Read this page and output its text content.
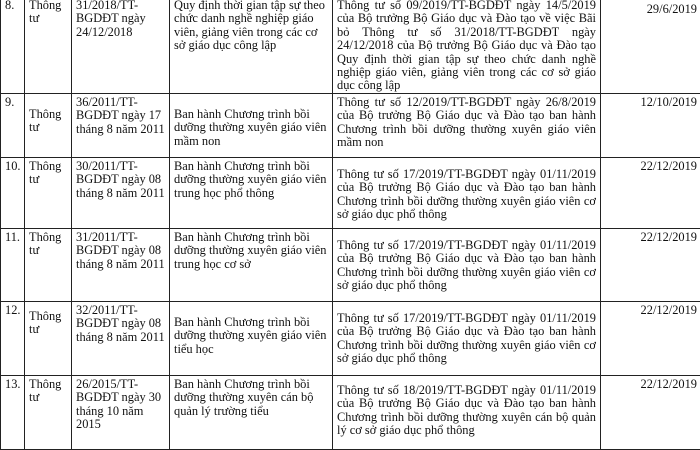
8.	Thông tư	31/2018/TT-BGDĐT ngày 24/12/2018	Quy định thời gian tập sự theo chức danh nghề nghiệp giáo viên, giảng viên trong các cơ sở giáo dục công lập	Thông tư số 09/2019/TT-BGDĐT ngày 14/5/2019 của Bộ trưởng Bộ Giáo dục và Đào tạo về việc Bãi bỏ Thông tư số 31/2018/TT-BGDĐT ngày 24/12/2018 của Bộ trưởng Bộ Giáo dục và Đào tạo Quy định thời gian tập sự theo chức danh nghề nghiệp giáo viên, giảng viên trong các cơ sở giáo dục công lập	29/6/2019
9.	Thông tư	36/2011/TT-BGDĐT ngày 17 tháng 8 năm 2011	Ban hành Chương trình bồi dưỡng thường xuyên giáo viên mầm non	Thông tư số 12/2019/TT-BGDĐT ngày 26/8/2019 của Bộ trưởng Bộ Giáo dục và Đào tạo ban hành Chương trình bồi dưỡng thường xuyên giáo viên mầm non	12/10/2019
10.	Thông tư	30/2011/TT-BGDĐT ngày 08 tháng 8 năm 2011	Ban hành Chương trình bồi dưỡng thường xuyên giáo viên trung học phổ thông	Thông tư số 17/2019/TT-BGDĐT ngày 01/11/2019 của Bộ trưởng Bộ Giáo dục và Đào tạo ban hành Chương trình bồi dưỡng thường xuyên giáo viên cơ sở giáo dục phổ thông	22/12/2019
11.	Thông tư	31/2011/TT-BGDĐT ngày 08 tháng 8 năm 2011	Ban hành Chương trình bồi dưỡng thường xuyên giáo viên trung học cơ sở	Thông tư số 17/2019/TT-BGDĐT ngày 01/11/2019 của Bộ trưởng Bộ Giáo dục và Đào tạo ban hành Chương trình bồi dưỡng thường xuyên giáo viên cơ sở giáo dục phổ thông	22/12/2019
12.	Thông tư	32/2011/TT-BGDĐT ngày 08 tháng 8 năm 2011	Ban hành Chương trình bồi dưỡng thường xuyên giáo viên tiểu học	Thông tư số 17/2019/TT-BGDĐT ngày 01/11/2019 của Bộ trưởng Bộ Giáo dục và Đào tạo ban hành Chương trình bồi dưỡng thường xuyên giáo viên cơ sở giáo dục phổ thông	22/12/2019
13.	Thông tư	26/2015/TT-BGDĐT ngày 30 tháng 10 năm 2015	Ban hành Chương trình bồi dưỡng thường xuyên cán bộ quản lý trường tiểu	Thông tư số 18/2019/TT-BGDĐT ngày 01/11/2019 của Bộ trưởng Bộ Giáo dục và Đào tạo ban hành Chương trình bồi dưỡng thường xuyên cán bộ quản lý cơ sở giáo dục phổ thông	22/12/2019
